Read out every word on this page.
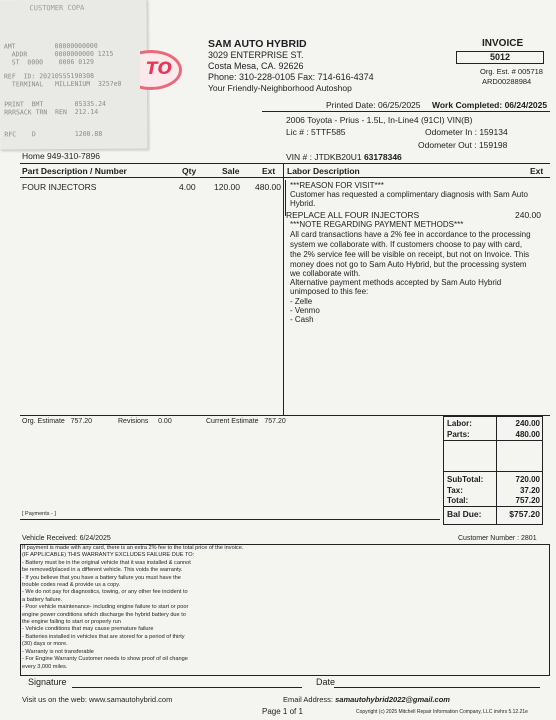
CUSTOMER COPA
AMT          00000000000
ADDR       0000000000 1215
ST  0000    0006 0129
REF  ID: 20210555190308
TERMINAL   MILLENIUM  3257e0
PRINT  BMT        05335.24
RRRSACK TRN  REN  212.14
RFC    D          1200.88
TO
SAM AUTO HYBRID
3029 ENTERPRISE ST.
Costa Mesa, CA. 92626
Phone: 310-228-0105 Fax: 714-616-4374
Your Friendly-Neighborhood Autoshop
INVOICE
5012
Org. Est. # 005718
ARD00288984
Printed Date: 06/25/2025 Work Completed: 06/24/2025
2006 Toyota - Prius - 1.5L, In-Line4 (91CI) VIN(B)
Lic # : 5TTF585	Odometer In : 159134
Odometer Out : 159198
VIN # : JTDKB20U1 63178346
Home 949-310-7896
Part Description / Number	Qty	Sale	Ext Labor Description	Ext
FOUR INJECTORS	4.00 120.00 480.00 ***REASON FOR VISIT***
Customer has requested a complimentary diagnosis with Sam Auto
Hybrid.
REPLACE ALL FOUR INJECTORS	240.00
***NOTE REGARDING PAYMENT METHODS***
All card transactions have a 2% fee in accordance to the processing
system we collaborate with. If customers choose to pay with card,
the 2% service fee will be visible on receipt, but not on Invoice. This
money does not go to Sam Auto Hybrid, but the processing system
we collaborate with.
Alternative payment methods accepted by Sam Auto Hybrid
unimposed to this fee:
- Zelle
- Venmo
- Cash
Org. Estimate 757.20	Revisions 0.00	Current Estimate 757.20	Labor:	240.00
Parts:	480.00
SubTotal:	720.00
Tax:	37.20
Total:	757.20
Bal Due:	$757.20
[ Payments - ]
Vehicle Received: 6/24/2025	Customer Number : 2801
If payment is made with any card, there is an extra 2% fee to the total price of the invoice.
(IF APPLICABLE) THIS WARRANTY EXCLUDES FAILURE DUE TO:
- Battery must be in the original vehicle that it was installed & cannot
be removed/placed in a different vehicle. This voids the warranty.
- If you believe that you have a battery failure you must have the
trouble codes read & provide us a copy.
- We do not pay for diagnostics, towing, or any other fee incident to
a battery failure.
- Poor vehicle maintenance- including engine failure to start or poor
engine power conditions which discharge the hybrid battery due to
the engine failing to start or properly run
- Vehicle conditions that may cause premature failure
- Batteries installed in vehicles that are stored for a period of thirty
(30) days or more.
- Warranty is not transferable
- For Engine Warranty Customer needs to show proof of oil change
every 3,000 miles.
Signature	Date
Visit us on the web: www.samautohybrid.com	Email Address: samautohybrid2022@gmail.com
Page 1 of 1	Copyright (c) 2025 Mitchell Repair Information Company, LLC invhrs 5.12.21e
